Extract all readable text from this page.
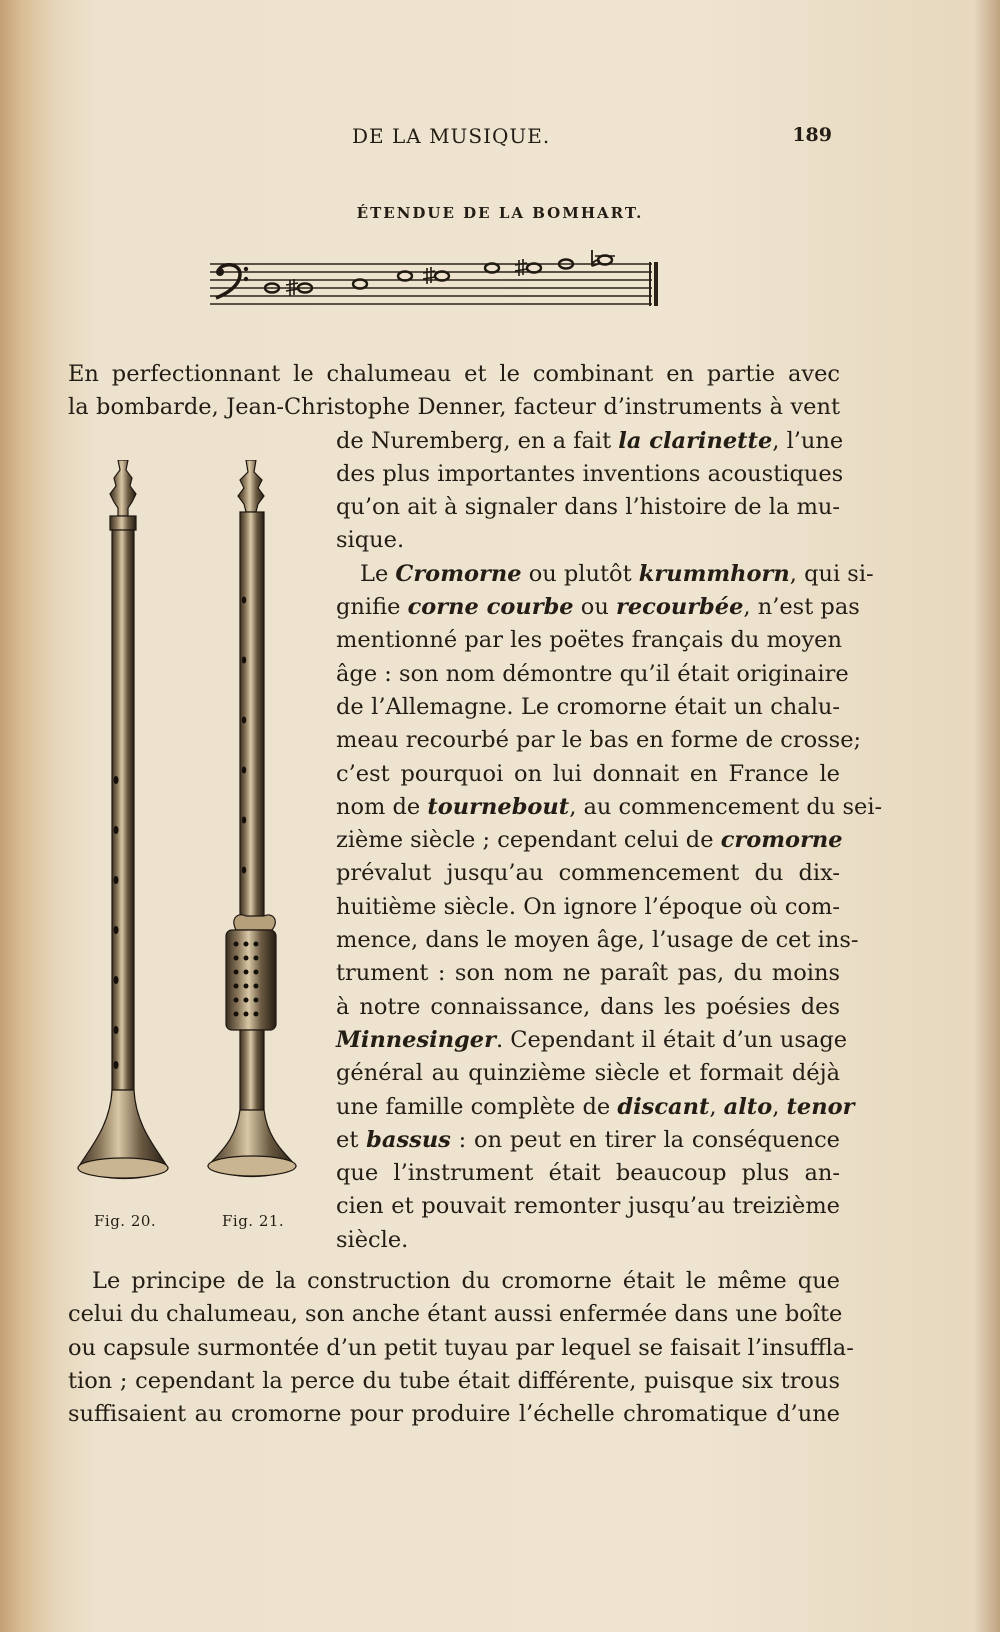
DE LA MUSIQUE.	189
ÉTENDUE DE LA BOMHART.
En perfectionnant le chalumeau et le combinant en partie avec
la bombarde, Jean-Christophe Denner, facteur d’instruments à vent
de Nuremberg, en a fait la clarinette, l’une
des plus importantes inventions acoustiques
qu’on ait à signaler dans l’histoire de la mu-
sique.
Le Cromorne ou plutôt krummhorn, qui si-
gnifie corne courbe ou recourbée, n’est pas
mentionné par les poëtes français du moyen
âge : son nom démontre qu’il était originaire
de l’Allemagne. Le cromorne était un chalu-
meau recourbé par le bas en forme de crosse;
c’est pourquoi on lui donnait en France le
nom de tournebout, au commencement du sei-
zième siècle ; cependant celui de cromorne
prévalut jusqu’au commencement du dix-
huitième siècle. On ignore l’époque où com-
mence, dans le moyen âge, l’usage de cet ins-
trument : son nom ne paraît pas, du moins
à notre connaissance, dans les poésies des
Minnesinger. Cependant il était d’un usage
général au quinzième siècle et formait déjà
une famille complète de discant, alto, tenor
et bassus : on peut en tirer la conséquence
que l’instrument était beaucoup plus an-
cien et pouvait remonter jusqu’au treizième
siècle.
Le principe de la construction du cromorne était le même que
celui du chalumeau, son anche étant aussi enfermée dans une boîte
ou capsule surmontée d’un petit tuyau par lequel se faisait l’insuffla-
tion ; cependant la perce du tube était différente, puisque six trous
suffisaient au cromorne pour produire l’échelle chromatique d’une
Fig. 20.	Fig. 21.
